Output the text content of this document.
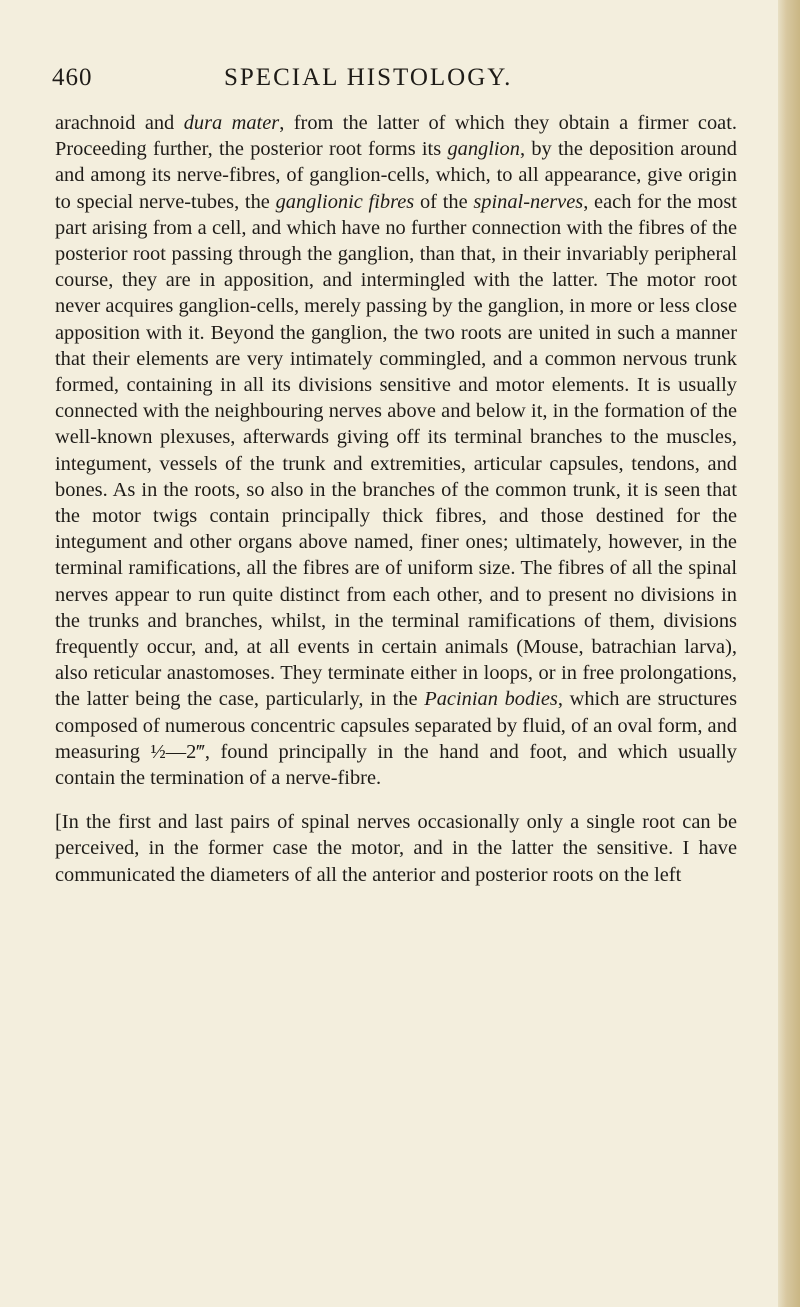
460	SPECIAL HISTOLOGY.

arachnoid and dura mater, from the latter of which they obtain a firmer coat. Proceeding further, the posterior root forms its ganglion, by the deposition around and among its nerve-fibres, of ganglion-cells, which, to all appearance, give origin to special nerve-tubes, the ganglionic fibres of the spinal-nerves, each for the most part arising from a cell, and which have no further connection with the fibres of the posterior root passing through the ganglion, than that, in their invariably peripheral course, they are in apposition, and intermingled with the latter. The motor root never acquires ganglion-cells, merely passing by the ganglion, in more or less close apposition with it. Beyond the ganglion, the two roots are united in such a manner that their elements are very intimately commingled, and a common nervous trunk formed, containing in all its divisions sensitive and motor elements. It is usually connected with the neighbouring nerves above and below it, in the formation of the well-known plexuses, afterwards giving off its terminal branches to the muscles, integument, vessels of the trunk and extremities, articular capsules, tendons, and bones. As in the roots, so also in the branches of the common trunk, it is seen that the motor twigs contain principally thick fibres, and those destined for the integument and other organs above named, finer ones; ultimately, however, in the terminal ramifications, all the fibres are of uniform size. The fibres of all the spinal nerves appear to run quite distinct from each other, and to present no divisions in the trunks and branches, whilst, in the terminal ramifications of them, divisions frequently occur, and, at all events in certain animals (Mouse, batrachian larva), also reticular anastomoses. They terminate either in loops, or in free prolongations, the latter being the case, particularly, in the Pacinian bodies, which are structures composed of numerous concentric capsules separated by fluid, of an oval form, and measuring ½—2‴, found principally in the hand and foot, and which usually contain the termination of a nerve-fibre.

[In the first and last pairs of spinal nerves occasionally only a single root can be perceived, in the former case the motor, and in the latter the sensitive. I have communicated the diameters of all the anterior and posterior roots on the left
